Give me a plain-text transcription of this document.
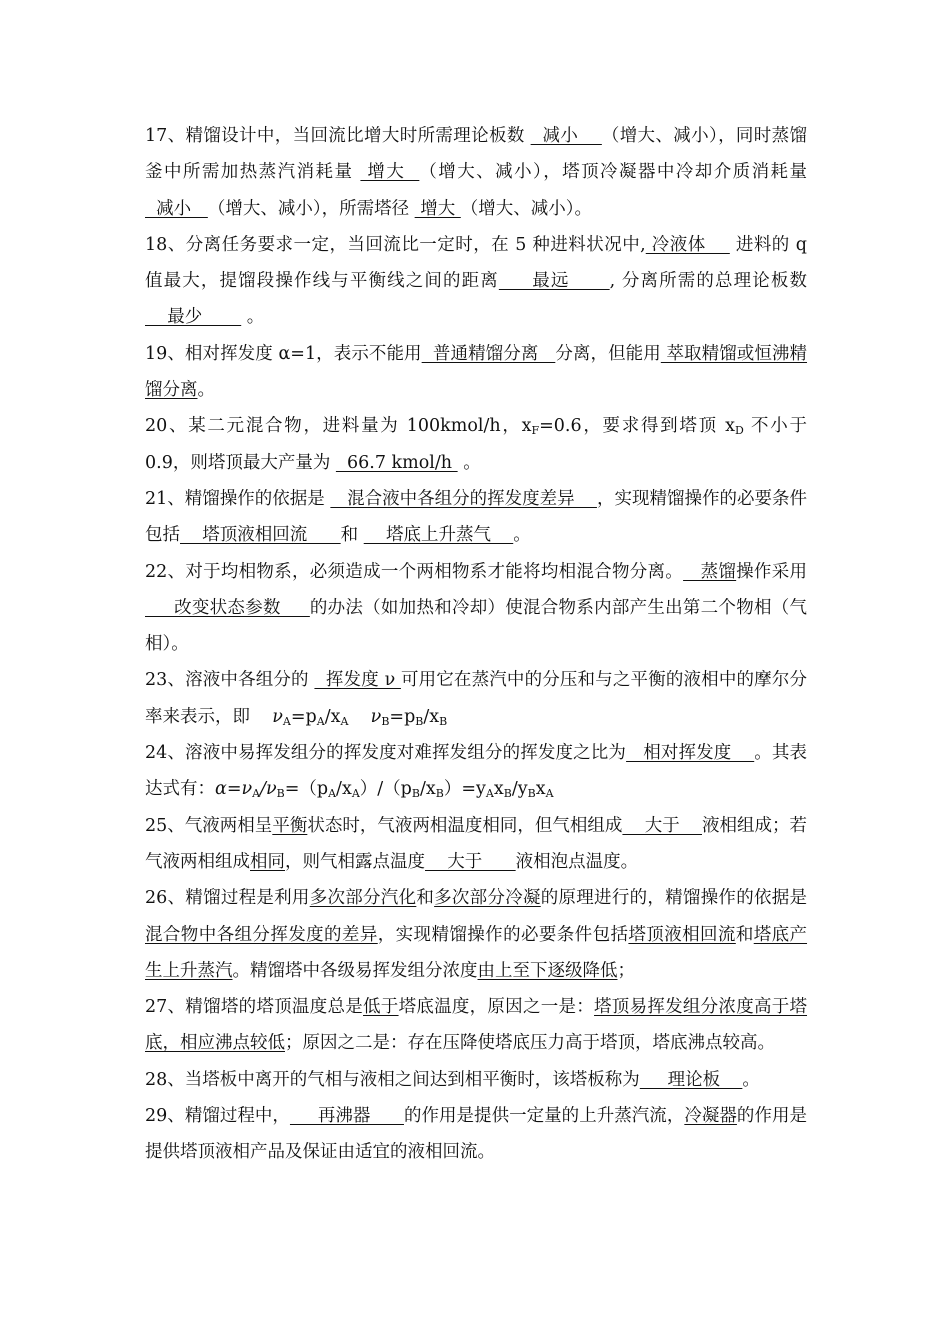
17、精馏设计中，当回流比增大时所需理论板数   减小    （增大、减小），同时蒸馏釜中所需加热蒸汽消耗量  增大  （增大、减小），塔顶冷凝器中冷却介质消耗量  减小   （增大、减小），所需塔径  增大 （增大、减小）。

18、分离任务要求一定，当回流比一定时，在 5 种进料状况中, 冷液体     进料的 q 值最大，提馏段操作线与平衡线之间的距离     最远      , 分离所需的总理论板数    最少        。

19、相对挥发度 α=1，表示不能用  普通精馏分离   分离，但能用 萃取精馏或恒沸精馏分离。

20、某二元混合物，进料量为 100kmol/h，$x_F=0.6$，要求得到塔顶 $x_D$ 不小于 0.9，则塔顶最大产量为   66.7 kmol/h  。

21、精馏操作的依据是    混合液中各组分的挥发度差异    ，实现精馏操作的必要条件包括    塔顶液相回流      和     塔底上升蒸气    。

22、对于均相物系，必须造成一个两相物系才能将均相混合物分离。   蒸馏操作采用     改变状态参数     的办法（如加热和冷却）使混合物系内部产生出第二个物相（气相）。

23、溶液中各组分的   挥发度 ν 可用它在蒸汽中的分压和与之平衡的液相中的摩尔分率来表示，即    $\nu_A=p_A/x_A$ $\nu_B=p_B/x_B$

24、溶液中易挥发组分的挥发度对难挥发组分的挥发度之比为   相对挥发度    。其表达式有：$\alpha=\nu_A/\nu_B=(p_A/x_A)/(p_B/x_B)=y_Ax_B/y_Bx_A$

25、气液两相呈平衡状态时，气液两相温度相同，但气相组成    大于    液相组成；若气液两相组成相同，则气相露点温度    大于      液相泡点温度。

26、精馏过程是利用多次部分汽化和多次部分冷凝的原理进行的，精馏操作的依据是混合物中各组分挥发度的差异，实现精馏操作的必要条件包括塔顶液相回流和塔底产生上升蒸汽。精馏塔中各级易挥发组分浓度由上至下逐级降低；

27、精馏塔的塔顶温度总是低于塔底温度，原因之一是：塔顶易挥发组分浓度高于塔底，相应沸点较低；原因之二是：存在压降使塔底压力高于塔顶，塔底沸点较高。

28、当塔板中离开的气相与液相之间达到相平衡时，该塔板称为     理论板    。

29、精馏过程中，     再沸器      的作用是提供一定量的上升蒸汽流，冷凝器的作用是提供塔顶液相产品及保证由适宜的液相回流。
